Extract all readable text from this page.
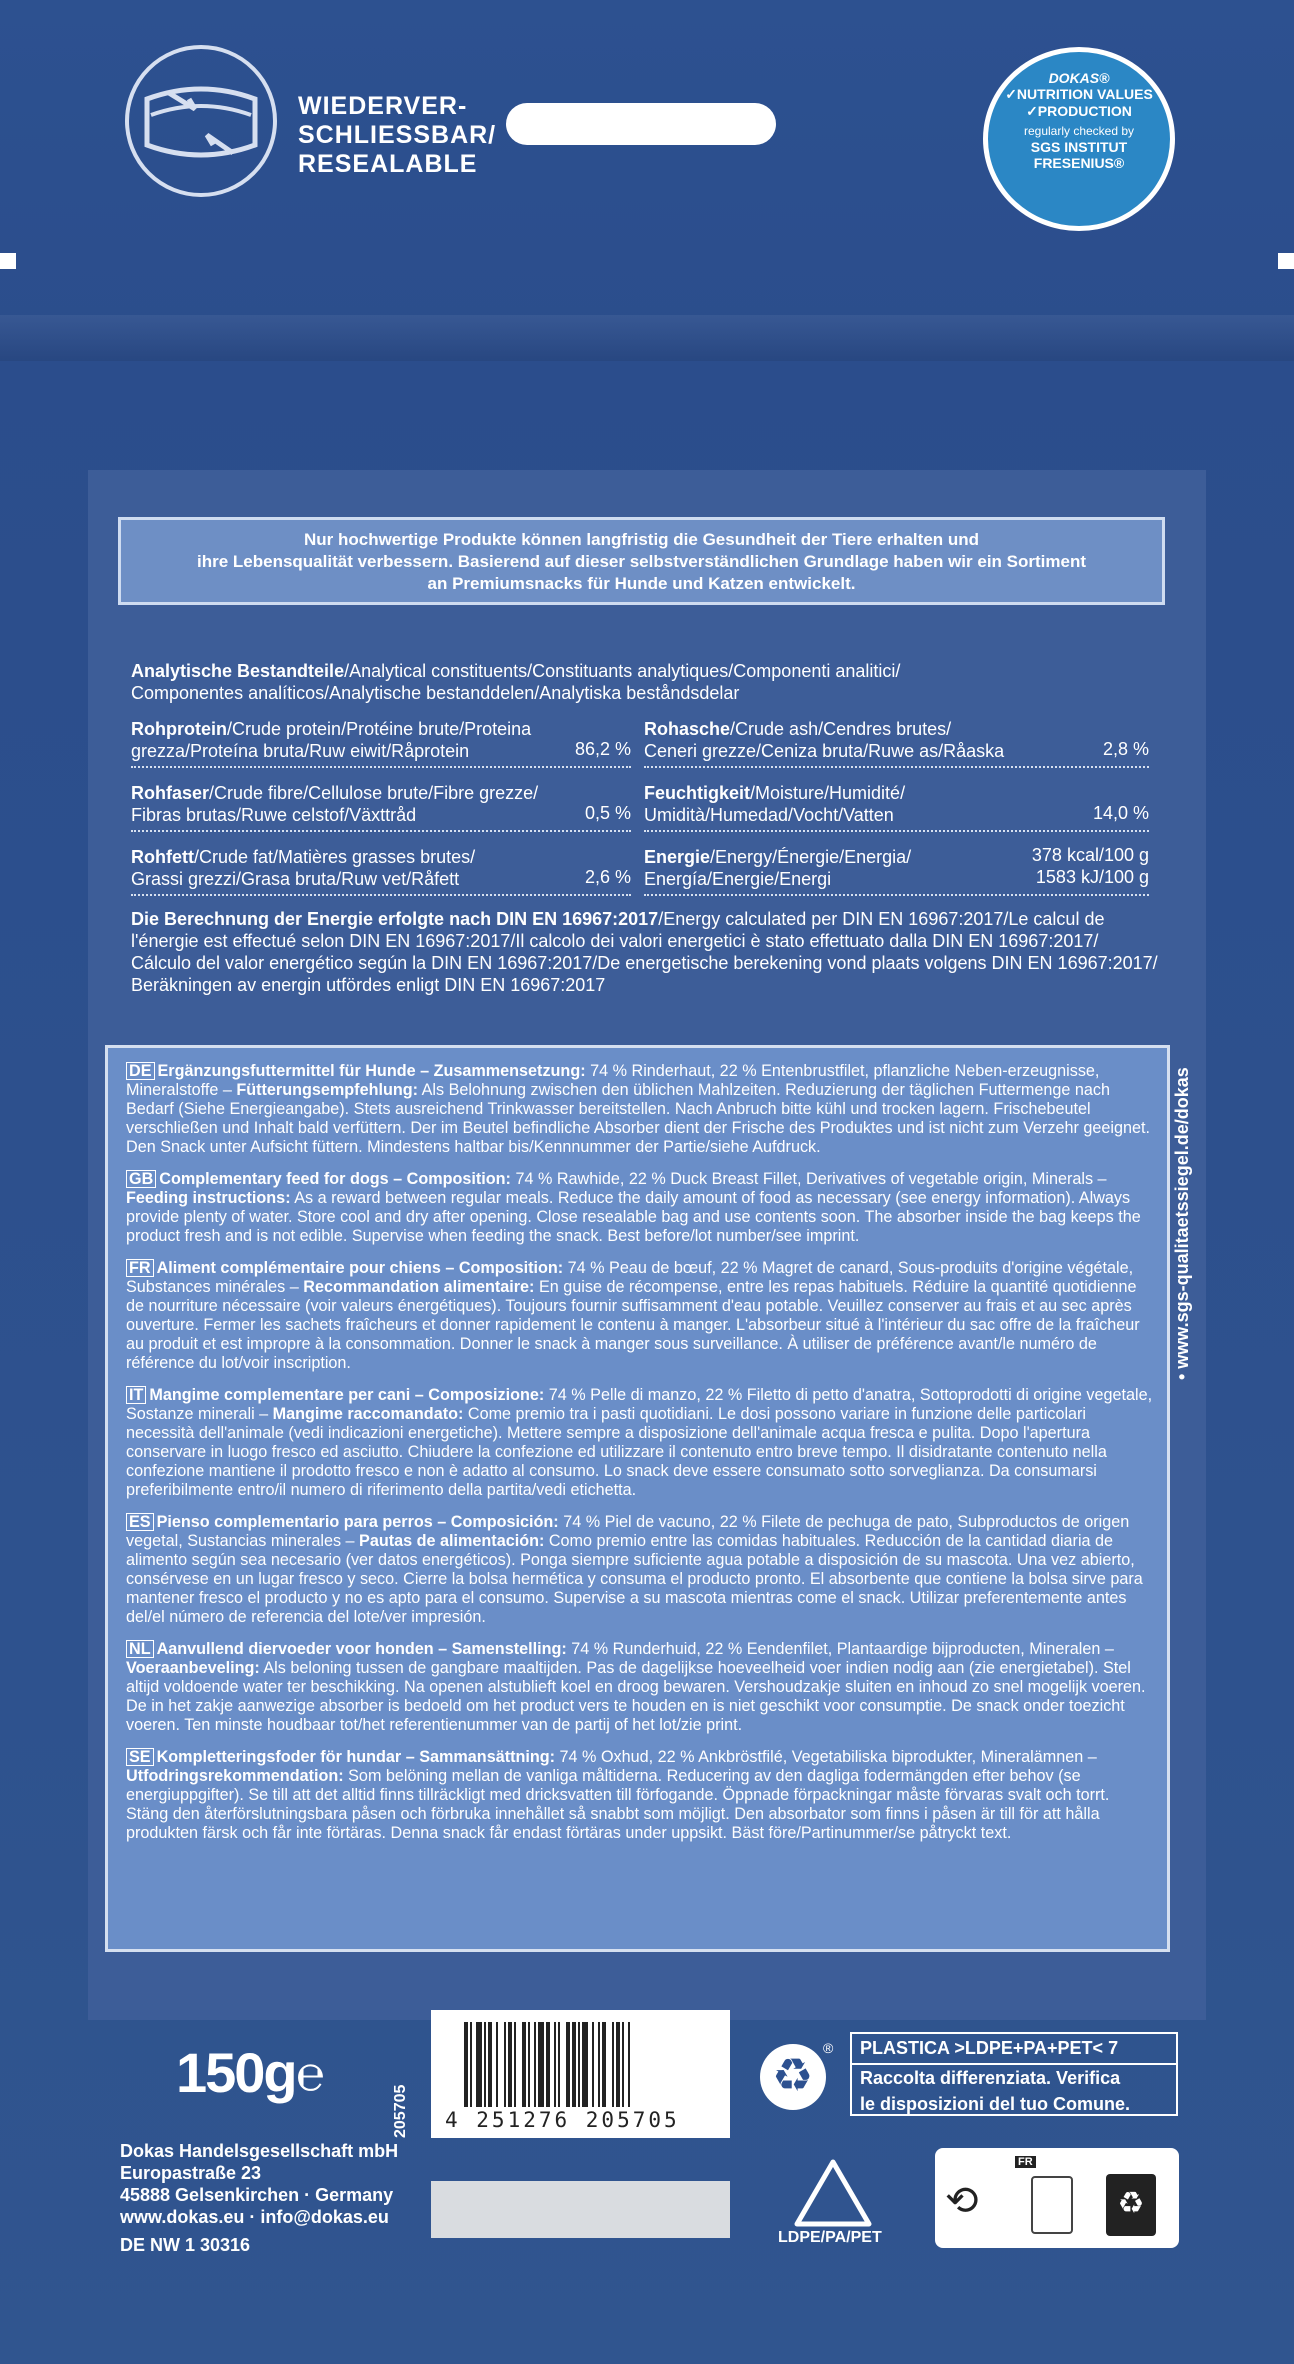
WIEDERVER-
SCHLIESSBAR/
RESEALABLE
DOKAS®
✓NUTRITION VALUES
✓PRODUCTION
regularly checked by
SGS INSTITUT
FRESENIUS®
Nur hochwertige Produkte können langfristig die Gesundheit der Tiere erhalten und
ihre Lebensqualität verbessern. Basierend auf dieser selbstverständlichen Grundlage haben wir ein Sortiment
an Premiumsnacks für Hunde und Katzen entwickelt.
Analytische Bestandteile/Analytical constituents/Constituants analytiques/Componenti analitici/
Componentes analíticos/Analytische bestanddelen/Analytiska beståndsdelar
Rohprotein/Crude protein/Protéine brute/Proteina
grezza/Proteína bruta/Ruw eiwit/Råprotein	86,2 %
Rohasche/Crude ash/Cendres brutes/
Ceneri grezze/Ceniza bruta/Ruwe as/Råaska	2,8 %
Rohfaser/Crude fibre/Cellulose brute/Fibre grezze/
Fibras brutas/Ruwe celstof/Växttråd	0,5 %
Feuchtigkeit/Moisture/Humidité/
Umidità/Humedad/Vocht/Vatten	14,0 %
Rohfett/Crude fat/Matières grasses brutes/
Grassi grezzi/Grasa bruta/Ruw vet/Råfett	2,6 %
Energie/Energy/Énergie/Energia/
Energía/Energie/Energi
378 kcal/100 g
1583 kJ/100 g
Die Berechnung der Energie erfolgte nach DIN EN 16967:2017/Energy calculated per DIN EN 16967:2017/Le calcul de
l'énergie est effectué selon DIN EN 16967:2017/Il calcolo dei valori energetici è stato effettuato dalla DIN EN 16967:2017/
Cálculo del valor energético según la DIN EN 16967:2017/De energetische berekening vond plaats volgens DIN EN 16967:2017/
Beräkningen av energin utfördes enligt DIN EN 16967:2017
• www.sgs-qualitaetssiegel.de/dokas
DE Ergänzungsfuttermittel für Hunde – Zusammensetzung: 74 % Rinderhaut, 22 % Entenbrustfilet, pflanzliche Neben-erzeugnisse, Mineralstoffe – Fütterungsempfehlung: Als Belohnung zwischen den üblichen Mahlzeiten. Reduzierung der täglichen Futtermenge nach Bedarf (Siehe Energieangabe). Stets ausreichend Trinkwasser bereitstellen. Nach Anbruch bitte kühl und trocken lagern. Frischebeutel verschließen und Inhalt bald verfüttern. Der im Beutel befindliche Absorber dient der Frische des Produktes und ist nicht zum Verzehr geeignet. Den Snack unter Aufsicht füttern. Mindestens haltbar bis/Kennnummer der Partie/siehe Aufdruck.
GB Complementary feed for dogs – Composition: 74 % Rawhide, 22 % Duck Breast Fillet, Derivatives of vegetable origin, Minerals – Feeding instructions: As a reward between regular meals. Reduce the daily amount of food as necessary (see energy information). Always provide plenty of water. Store cool and dry after opening. Close resealable bag and use contents soon. The absorber inside the bag keeps the product fresh and is not edible. Supervise when feeding the snack. Best before/lot number/see imprint.
FR Aliment complémentaire pour chiens – Composition: 74 % Peau de bœuf, 22 % Magret de canard, Sous-produits d'origine végétale, Substances minérales – Recommandation alimentaire: En guise de récompense, entre les repas habituels. Réduire la quantité quotidienne de nourriture nécessaire (voir valeurs énergétiques). Toujours fournir suffisamment d'eau potable. Veuillez conserver au frais et au sec après ouverture. Fermer les sachets fraîcheurs et donner rapidement le contenu à manger. L'absorbeur situé à l'intérieur du sac offre de la fraîcheur au produit et est impropre à la consommation. Donner le snack à manger sous surveillance. À utiliser de préférence avant/le numéro de référence du lot/voir inscription.
IT Mangime complementare per cani – Composizione: 74 % Pelle di manzo, 22 % Filetto di petto d'anatra, Sottoprodotti di origine vegetale, Sostanze minerali – Mangime raccomandato: Come premio tra i pasti quotidiani. Le dosi possono variare in funzione delle particolari necessità dell'animale (vedi indicazioni energetiche). Mettere sempre a disposizione dell'animale acqua fresca e pulita. Dopo l'apertura conservare in luogo fresco ed asciutto. Chiudere la confezione ed utilizzare il contenuto entro breve tempo. Il disidratante contenuto nella confezione mantiene il prodotto fresco e non è adatto al consumo. Lo snack deve essere consumato sotto sorveglianza. Da consumarsi preferibilmente entro/il numero di riferimento della partita/vedi etichetta.
ES Pienso complementario para perros – Composición: 74 % Piel de vacuno, 22 % Filete de pechuga de pato, Subproductos de origen vegetal, Sustancias minerales – Pautas de alimentación: Como premio entre las comidas habituales. Reducción de la cantidad diaria de alimento según sea necesario (ver datos energéticos). Ponga siempre suficiente agua potable a disposición de su mascota. Una vez abierto, consérvese en un lugar fresco y seco. Cierre la bolsa hermética y consuma el producto pronto. El absorbente que contiene la bolsa sirve para mantener fresco el producto y no es apto para el consumo. Supervise a su mascota mientras come el snack. Utilizar preferentemente antes del/el número de referencia del lote/ver impresión.
NL Aanvullend diervoeder voor honden – Samenstelling: 74 % Runderhuid, 22 % Eendenfilet, Plantaardige bijproducten, Mineralen – Voeraanbeveling: Als beloning tussen de gangbare maaltijden. Pas de dagelijkse hoeveelheid voer indien nodig aan (zie energietabel). Stel altijd voldoende water ter beschikking. Na openen alstublieft koel en droog bewaren. Vershoudzakje sluiten en inhoud zo snel mogelijk voeren. De in het zakje aanwezige absorber is bedoeld om het product vers te houden en is niet geschikt voor consumptie. De snack onder toezicht voeren. Ten minste houdbaar tot/het referentienummer van de partij of het lot/zie print.
SE Kompletteringsfoder för hundar – Sammansättning: 74 % Oxhud, 22 % Ankbröstfilé, Vegetabiliska biprodukter, Mineralämnen – Utfodringsrekommendation: Som belöning mellan de vanliga måltiderna. Reducering av den dagliga fodermängden efter behov (se energiuppgifter). Se till att det alltid finns tillräckligt med dricksvatten till förfogande. Öppnade förpackningar måste förvaras svalt och torrt. Stäng den återförslutningsbara påsen och förbruka innehållet så snabbt som möjligt. Den absorbator som finns i påsen är till för att hålla produkten färsk och får inte förtäras. Denna snack får endast förtäras under uppsikt. Bäst före/Partinummer/se påtryckt text.
150g ℮
205705 4 251276 205705
Dokas Handelsgesellschaft mbH
Europastraße 23
45888 Gelsenkirchen · Germany
www.dokas.eu · info@dokas.eu
DE NW 1 30316
♻
®	PLASTICA >LDPE+PA+PET< 7
Raccolta differenziata. Verifica
le disposizioni del tuo Comune.
LDPE/PA/PET
⟲
FR
♻
